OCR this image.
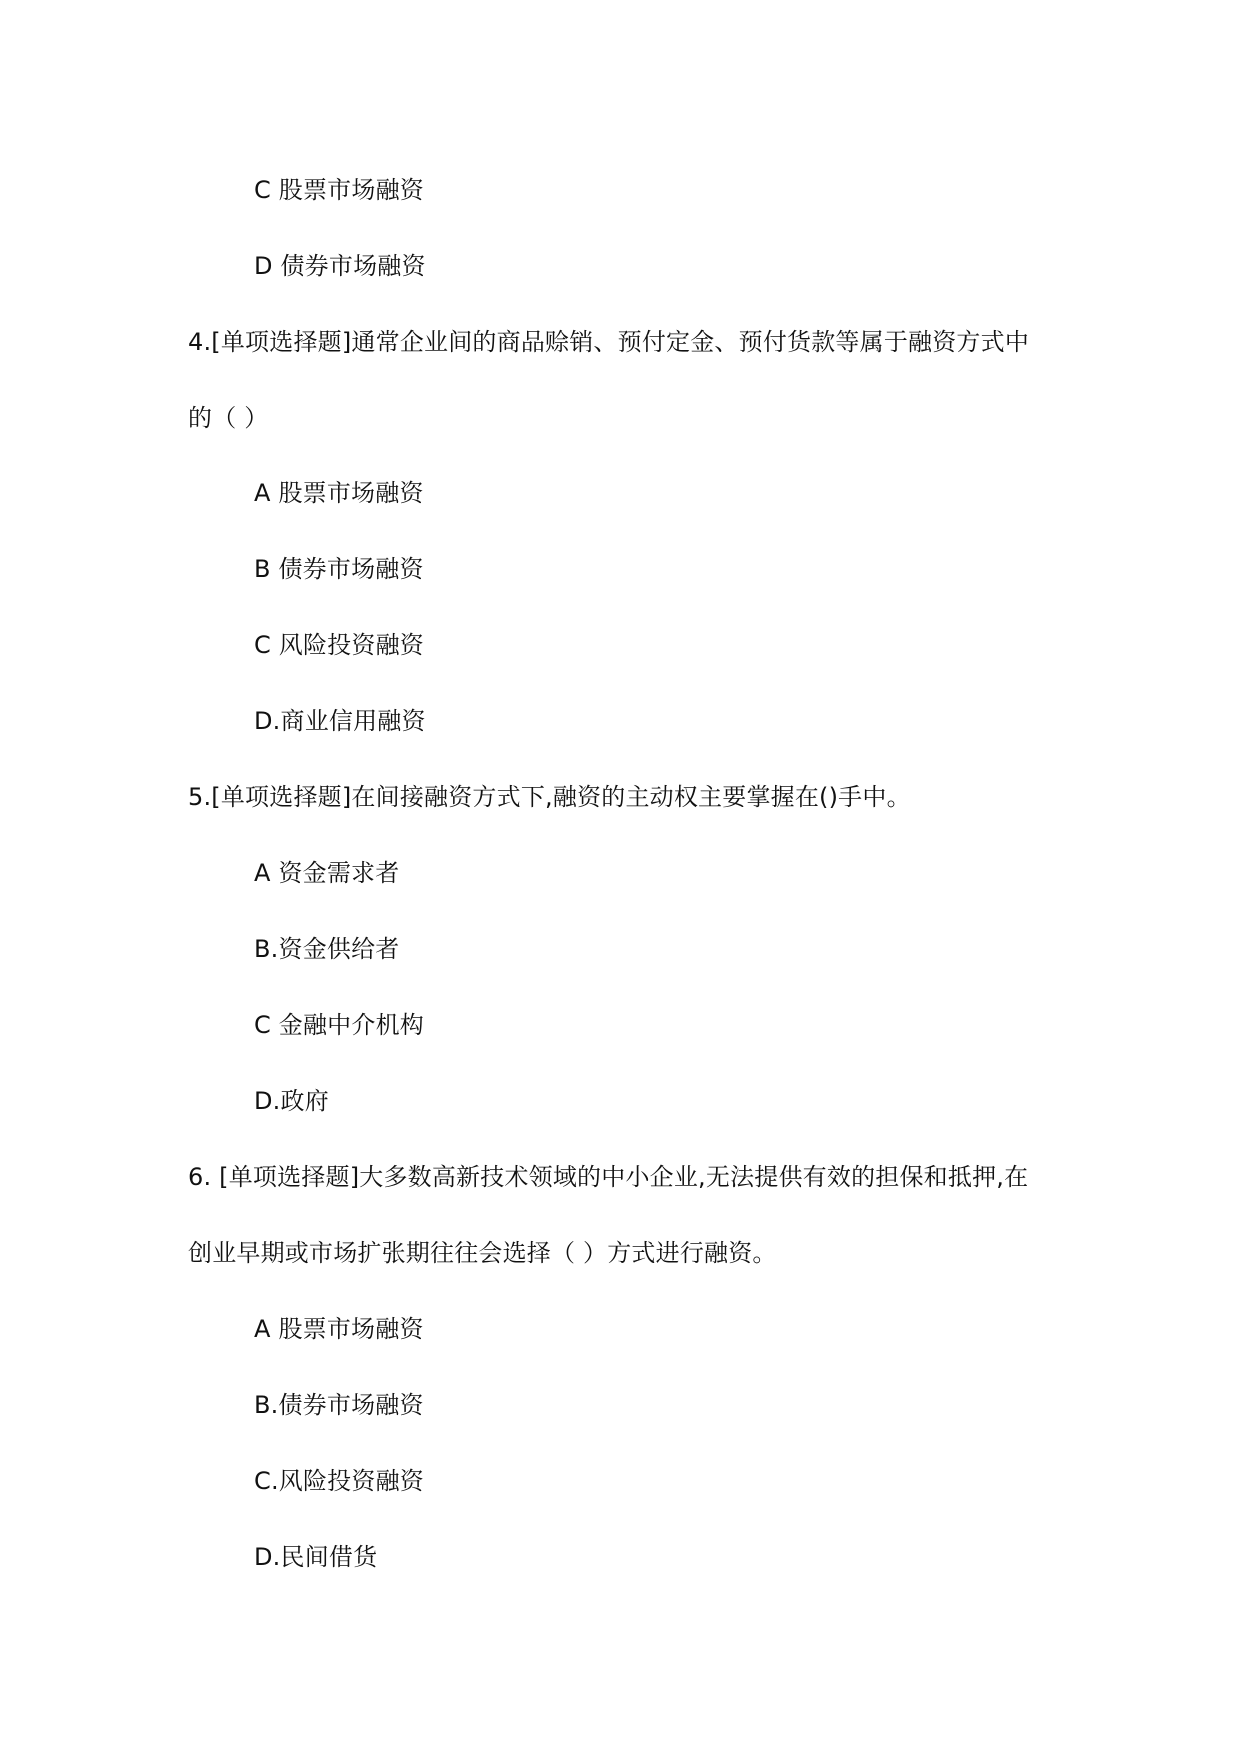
C 股票市场融资
D 债券市场融资
4.[单项选择题]通常企业间的商品赊销、预付定金、预付货款等属于融资方式中
的（ ）
A 股票市场融资
B 债券市场融资
C 风险投资融资
D.商业信用融资
5.[单项选择题]在间接融资方式下,融资的主动权主要掌握在()手中。
A 资金需求者
B.资金供给者
C 金融中介机构
D.政府
6. [单项选择题]大多数高新技术领域的中小企业,无法提供有效的担保和抵押,在
创业早期或市场扩张期往往会选择（ ）方式进行融资。
A 股票市场融资
B.债券市场融资
C.风险投资融资
D.民间借货
